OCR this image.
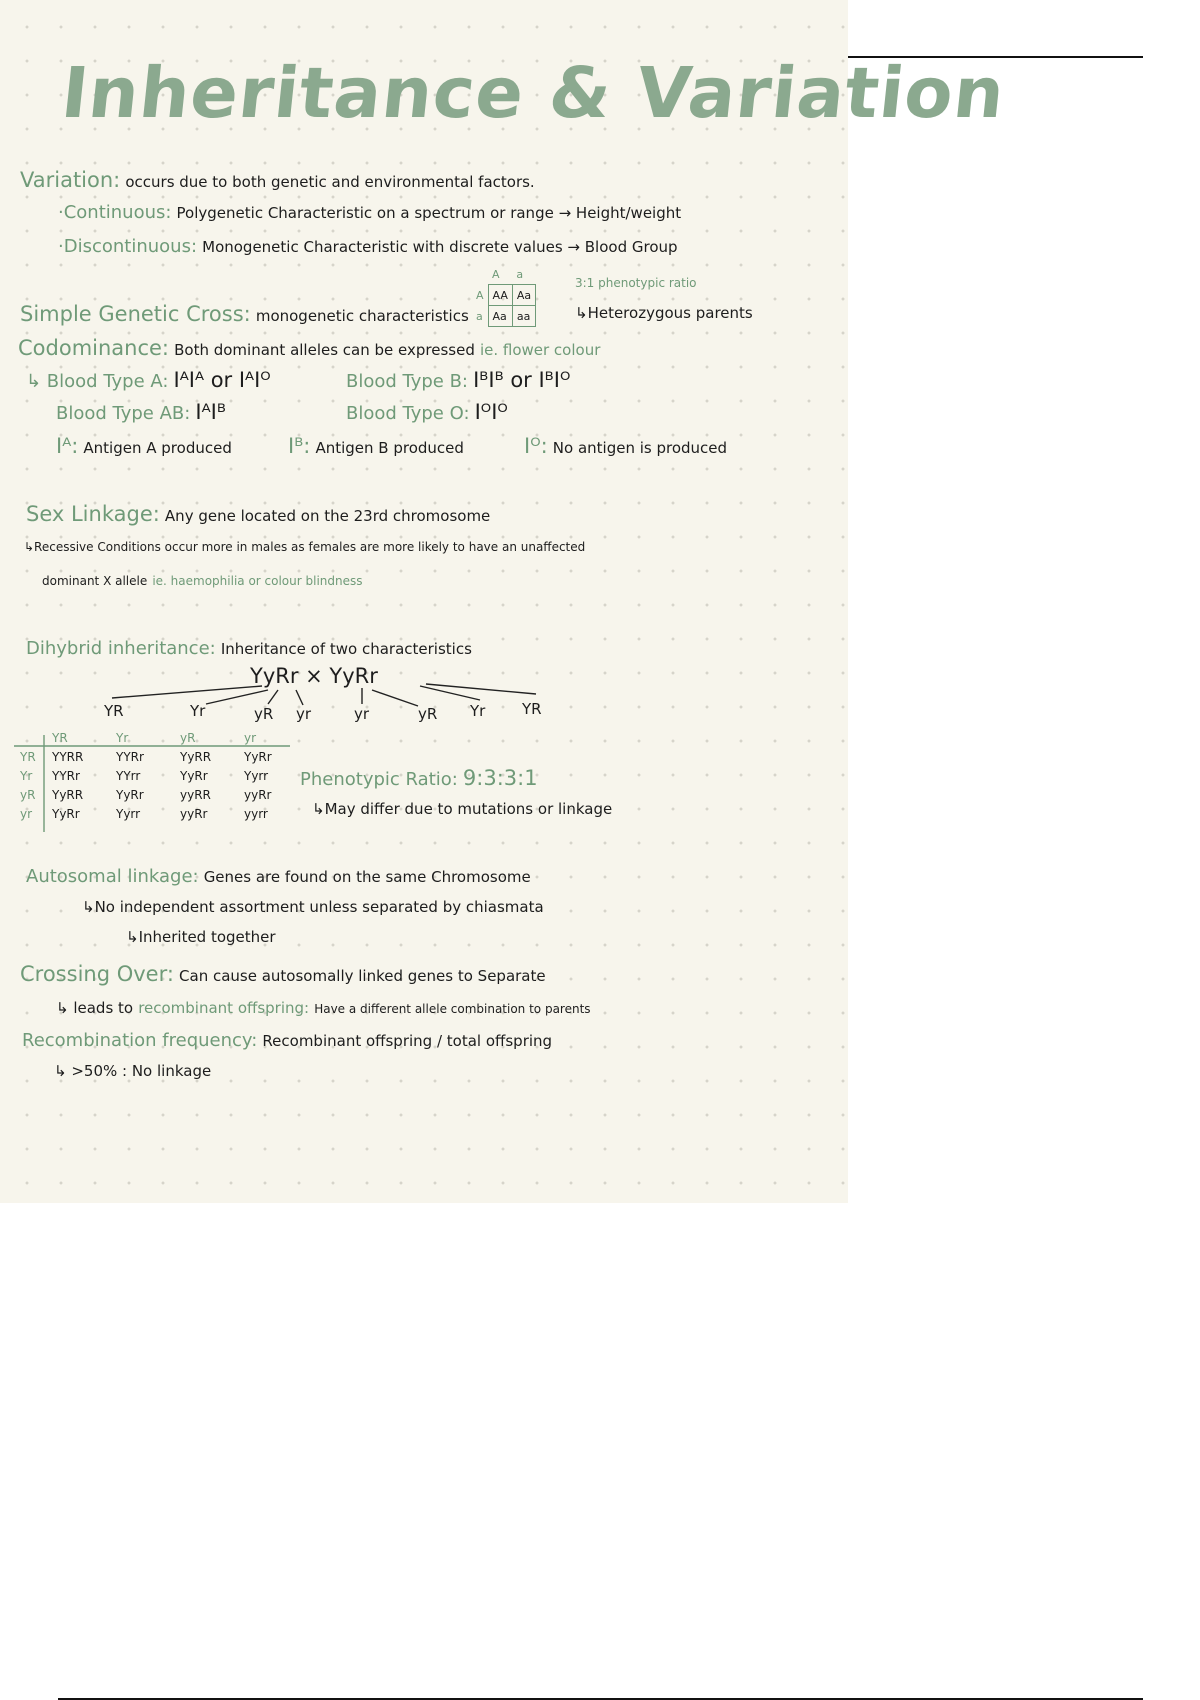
Inheritance & Variation
Variation: occurs due to both genetic and environmental factors.
·Continuous: Polygenetic Characteristic on a spectrum or range → Height/weight
·Discontinuous: Monogenetic Characteristic with discrete values → Blood Group
Simple Genetic Cross: monogenetic characteristics
	A	a
A	AA	Aa
a	Aa	aa
3:1 phenotypic ratio
↳Heterozygous parents
Codominance: Both dominant alleles can be expressed ie. flower colour
↳ Blood Type A: IᴬIᴬ or IᴬIᴼ	Blood Type B: IᴮIᴮ or IᴮIᴼ
Blood Type AB: IᴬIᴮ	Blood Type O: IᴼIᴼ
Iᴬ: Antigen A produced	Iᴮ: Antigen B produced	Iᴼ: No antigen is produced
Sex Linkage: Any gene located on the 23rd chromosome
↳Recessive Conditions occur more in males as females are more likely to have an unaffected
dominant X allele ie. haemophilia or colour blindness
Dihybrid inheritance: Inheritance of two characteristics
YyRr × YyRr
YR	Yr	yR yr	yr	yR Yr YR
	YR	Yr	yR	yr
YR	YYRR	YYRr	YyRR	YyRr
Yr	YYRr	YYrr	YyRr	Yyrr
yR	YyRR	YyRr	yyRR	yyRr
yr	YyRr	Yyrr	yyRr	yyrr
Phenotypic Ratio: 9:3:3:1
↳May differ due to mutations or linkage
Autosomal linkage: Genes are found on the same Chromosome
↳No independent assortment unless separated by chiasmata
↳Inherited together
Crossing Over: Can cause autosomally linked genes to Separate
↳ leads to recombinant offspring: Have a different allele combination to parents
Recombination frequency: Recombinant offspring / total offspring
↳ >50% : No linkage
